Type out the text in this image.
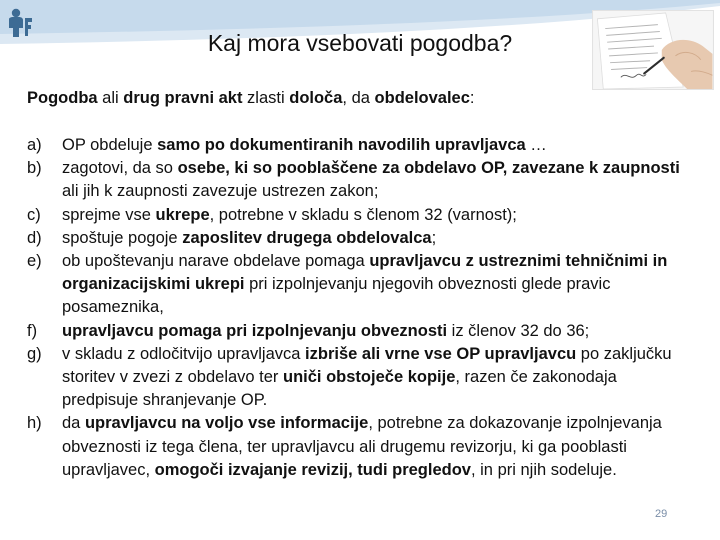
Kaj mora vsebovati pogodba?

Pogodba ali drug pravni akt zlasti določa, da obdelovalec:

a)	OP obdeluje samo po dokumentiranih navodilih upravljavca …
b)	zagotovi, da so osebe, ki so pooblaščene za obdelavo OP, zavezane k zaupnosti ali jih k zaupnosti zavezuje ustrezen zakon;
c)	sprejme vse ukrepe, potrebne v skladu s členom 32 (varnost);
d)	spoštuje pogoje zaposlitev drugega obdelovalca;
e)	ob upoštevanju narave obdelave pomaga upravljavcu z ustreznimi tehničnimi in organizacijskimi ukrepi pri izpolnjevanju njegovih obveznosti glede pravic posameznika,
f)	upravljavcu pomaga pri izpolnjevanju obveznosti iz členov 32 do 36;
g)	v skladu z odločitvijo upravljavca izbriše ali vrne vse OP upravljavcu po zaključku storitev v zvezi z obdelavo ter uniči obstoječe kopije, razen če zakonodaja predpisuje shranjevanje OP.
h)	da upravljavcu na voljo vse informacije, potrebne za dokazovanje izpolnjevanja obveznosti iz tega člena, ter upravljavcu ali drugemu revizorju, ki ga pooblasti upravljavec, omogoči izvajanje revizij, tudi pregledov, in pri njih sodeluje.
29
